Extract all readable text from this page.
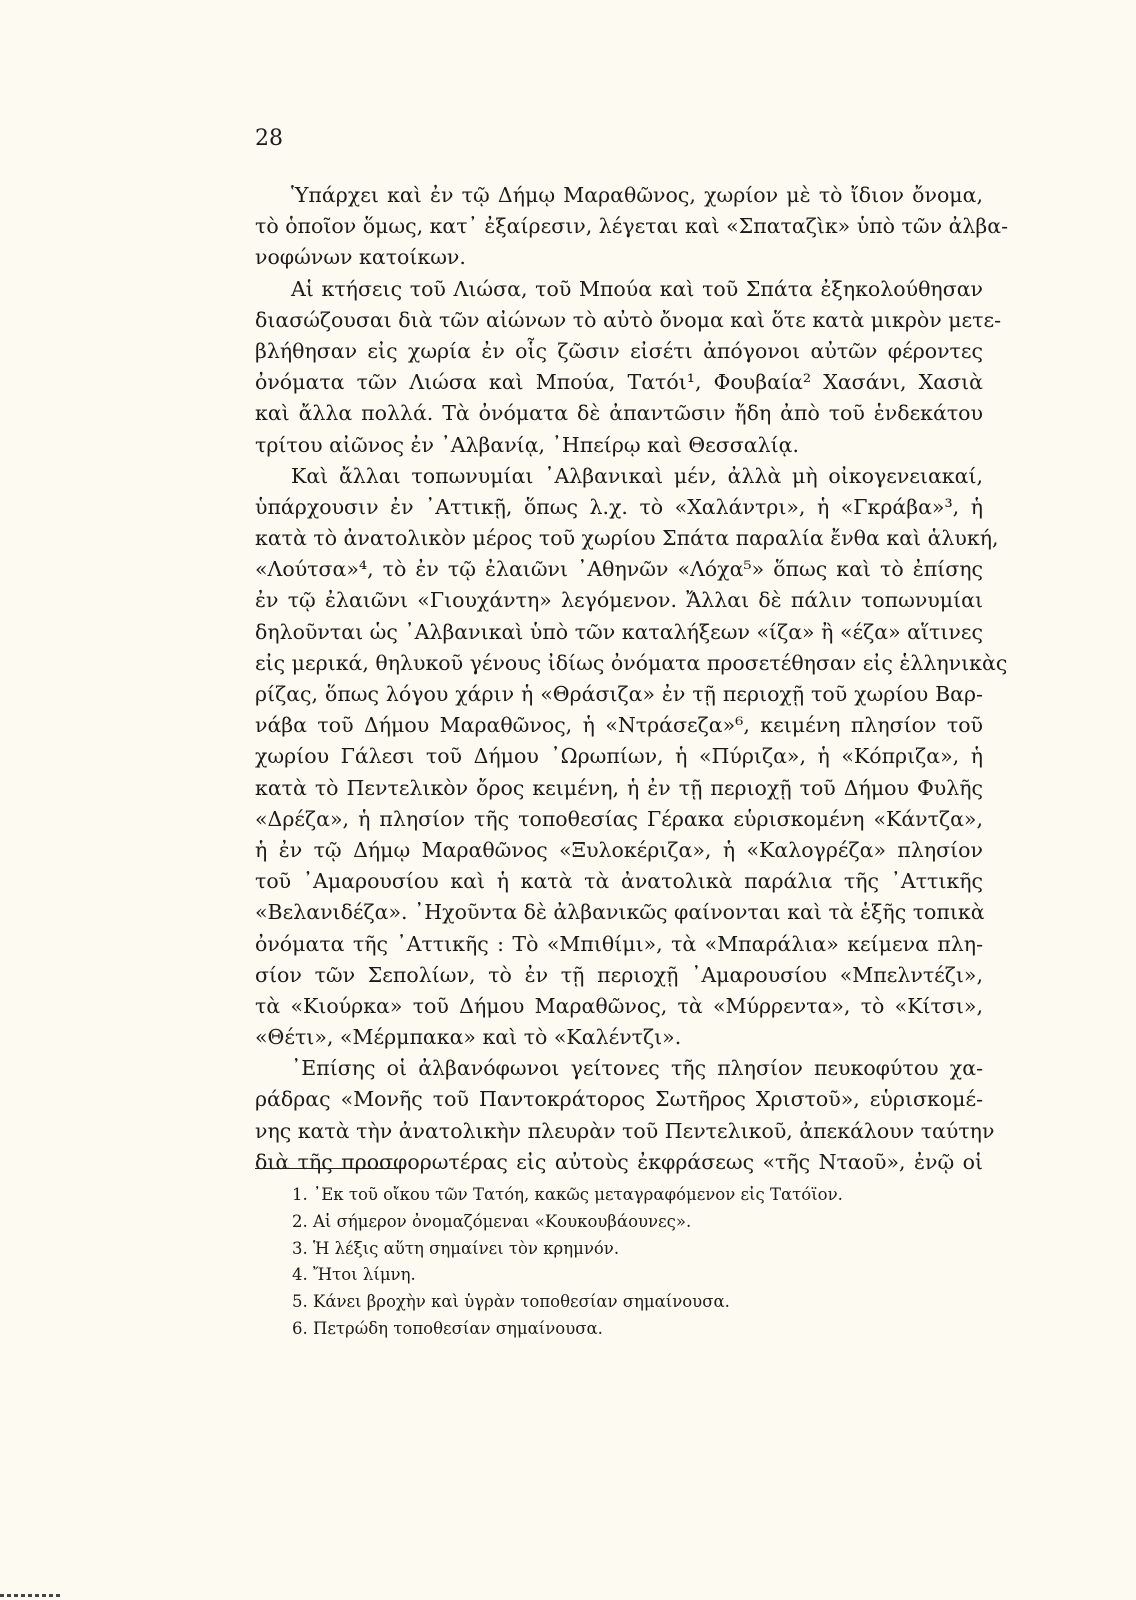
28
Ὑπάρχει καὶ ἐν τῷ Δήμῳ Μαραθῶνος, χωρίον μὲ τὸ ἴδιον ὄνομα,
τὸ ὁποῖον ὅμως, κατ᾽ ἐξαίρεσιν, λέγεται καὶ «Σπαταζὶκ» ὑπὸ τῶν ἀλβα-
νοφώνων κατοίκων.
Αἱ κτήσεις τοῦ Λιώσα, τοῦ Μπούα καὶ τοῦ Σπάτα ἐξηκολούθησαν
διασώζουσαι διὰ τῶν αἰώνων τὸ αὐτὸ ὄνομα καὶ ὅτε κατὰ μικρὸν μετε-
βλήθησαν εἰς χωρία ἐν οἷς ζῶσιν εἰσέτι ἀπόγονοι αὐτῶν φέροντες
ὀνόματα τῶν Λιώσα καὶ Μπούα, Τατόι¹, Φουβαία² Χασάνι, Χασιὰ
καὶ ἄλλα πολλά. Τὰ ὀνόματα δὲ ἀπαντῶσιν ἤδη ἀπὸ τοῦ ἑνδεκάτου
τρίτου αἰῶνος ἐν ᾽Αλβανίᾳ, ᾽Ηπείρῳ καὶ Θεσσαλίᾳ.
Καὶ ἄλλαι τοπωνυμίαι ᾽Αλβανικαὶ μέν, ἀλλὰ μὴ οἰκογενειακαί,
ὑπάρχουσιν ἐν ᾽Αττικῇ, ὅπως λ.χ. τὸ «Χαλάντρι», ἡ «Γκράβα»³, ἡ
κατὰ τὸ ἀνατολικὸν μέρος τοῦ χωρίου Σπάτα παραλία ἔνθα καὶ ἁλυκή,
«Λούτσα»⁴, τὸ ἐν τῷ ἐλαιῶνι ᾽Αθηνῶν «Λόχα⁵» ὅπως καὶ τὸ ἐπίσης
ἐν τῷ ἐλαιῶνι «Γιουχάντη» λεγόμενον. Ἄλλαι δὲ πάλιν τοπωνυμίαι
δηλοῦνται ὡς ᾽Αλβανικαὶ ὑπὸ τῶν καταλήξεων «ίζα» ἢ «έζα» αἵτινες
εἰς μερικά, θηλυκοῦ γένους ἰδίως ὀνόματα προσετέθησαν εἰς ἑλληνικὰς
ρίζας, ὅπως λόγου χάριν ἡ «Θράσιζα» ἐν τῇ περιοχῇ τοῦ χωρίου Βαρ-
νάβα τοῦ Δήμου Μαραθῶνος, ἡ «Ντράσεζα»⁶, κειμένη πλησίον τοῦ
χωρίου Γάλεσι τοῦ Δήμου ᾽Ωρωπίων, ἡ «Πύριζα», ἡ «Κόπριζα», ἡ
κατὰ τὸ Πεντελικὸν ὄρος κειμένη, ἡ ἐν τῇ περιοχῇ τοῦ Δήμου Φυλῆς
«Δρέζα», ἡ πλησίον τῆς τοποθεσίας Γέρακα εὑρισκομένη «Κάντζα»,
ἡ ἐν τῷ Δήμῳ Μαραθῶνος «Ξυλοκέριζα», ἡ «Καλογρέζα» πλησίον
τοῦ ᾽Αμαρουσίου καὶ ἡ κατὰ τὰ ἀνατολικὰ παράλια τῆς ᾽Αττικῆς
«Βελανιδέζα». ᾽Ηχοῦντα δὲ ἀλβανικῶς φαίνονται καὶ τὰ ἑξῆς τοπικὰ
ὀνόματα τῆς ᾽Αττικῆς : Τὸ «Μπιθίμι», τὰ «Μπαράλια» κείμενα πλη-
σίον τῶν Σεπολίων, τὸ ἐν τῇ περιοχῇ ᾽Αμαρουσίου «Μπελντέζι»,
τὰ «Κιούρκα» τοῦ Δήμου Μαραθῶνος, τὰ «Μύρρεντα», τὸ «Κίτσι»,
«Θέτι», «Μέρμπακα» καὶ τὸ «Καλέντζι».
᾽Επίσης οἱ ἀλβανόφωνοι γείτονες τῆς πλησίον πευκοφύτου χα-
ράδρας «Μονῆς τοῦ Παντοκράτορος Σωτῆρος Χριστοῦ», εὑρισκομέ-
νης κατὰ τὴν ἀνατολικὴν πλευρὰν τοῦ Πεντελικοῦ, ἀπεκάλουν ταύτην
διὰ τῆς προσφορωτέρας εἰς αὐτοὺς ἐκφράσεως «τῆς Νταοῦ», ἐνῷ οἱ
1. ᾽Εκ τοῦ οἴκου τῶν Τατόη, κακῶς μεταγραφόμενον εἰς Τατόϊον.
2. Αἱ σήμερον ὀνομαζόμεναι «Κουκουβάουνες».
3. Ἡ λέξις αὕτη σημαίνει τὸν κρημνόν.
4. Ἤτοι λίμνη.
5. Κάνει βροχὴν καὶ ὑγρὰν τοποθεσίαν σημαίνουσα.
6. Πετρώδη τοποθεσίαν σημαίνουσα.
